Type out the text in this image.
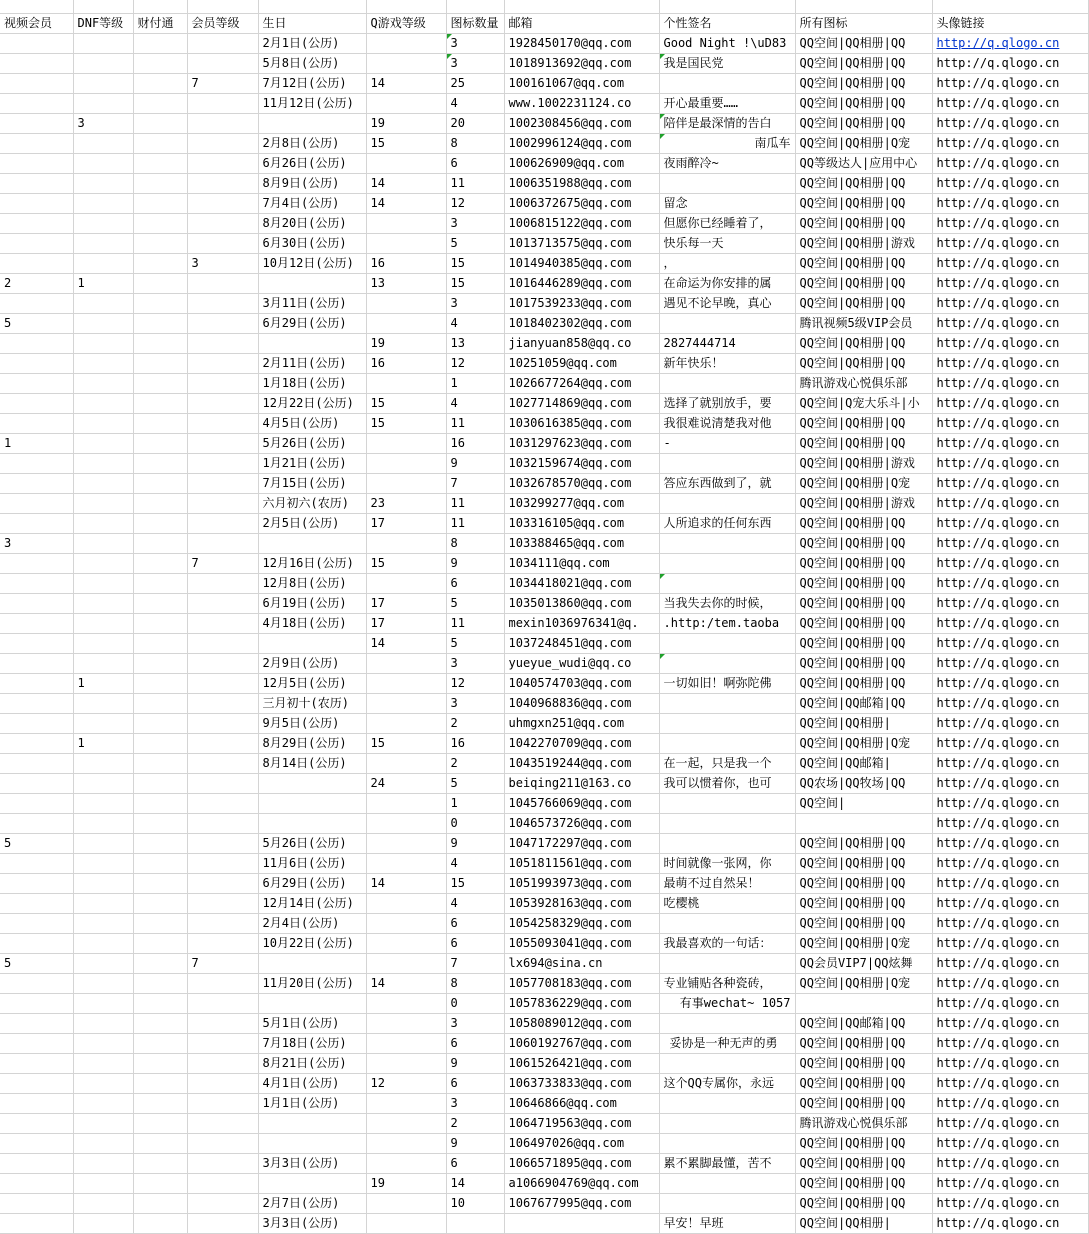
视频会员	DNF等级	财付通	会员等级	生日	Q游戏等级	图标数量	邮箱	个性签名	所有图标	头像链接
				2月1日(公历)		3	1928450170@qq.com	Good Night !\uD83	QQ空间|QQ相册|QQ	http://q.qlogo.cn
				5月8日(公历)		3	1018913692@qq.com	我是国民党	QQ空间|QQ相册|QQ	http://q.qlogo.cn
			7	7月12日(公历)	14	25	100161067@qq.com		QQ空间|QQ相册|QQ	http://q.qlogo.cn
				11月12日(公历)		4	www.1002231124.co	开心最重要……	QQ空间|QQ相册|QQ	http://q.qlogo.cn
	3				19	20	1002308456@qq.com	陪伴是最深情的告白	QQ空间|QQ相册|QQ	http://q.qlogo.cn
				2月8日(公历)	15	8	1002996124@qq.com	南瓜车	QQ空间|QQ相册|Q宠	http://q.qlogo.cn
				6月26日(公历)		6	100626909@qq.com	夜雨醉冷~	QQ等级达人|应用中心	http://q.qlogo.cn
				8月9日(公历)	14	11	1006351988@qq.com		QQ空间|QQ相册|QQ	http://q.qlogo.cn
				7月4日(公历)	14	12	1006372675@qq.com	留念	QQ空间|QQ相册|QQ	http://q.qlogo.cn
				8月20日(公历)		3	1006815122@qq.com	但愿你已经睡着了，	QQ空间|QQ相册|QQ	http://q.qlogo.cn
				6月30日(公历)		5	1013713575@qq.com	快乐每一天	QQ空间|QQ相册|游戏	http://q.qlogo.cn
			3	10月12日(公历)	16	15	1014940385@qq.com	，	QQ空间|QQ相册|QQ	http://q.qlogo.cn
2	1				13	15	1016446289@qq.com	在命运为你安排的属	QQ空间|QQ相册|QQ	http://q.qlogo.cn
				3月11日(公历)		3	1017539233@qq.com	遇见不论早晚，真心	QQ空间|QQ相册|QQ	http://q.qlogo.cn
5				6月29日(公历)		4	1018402302@qq.com		腾讯视频5级VIP会员	http://q.qlogo.cn
					19	13	jianyuan858@qq.co	2827444714	QQ空间|QQ相册|QQ	http://q.qlogo.cn
				2月11日(公历)	16	12	10251059@qq.com	新年快乐！	QQ空间|QQ相册|QQ	http://q.qlogo.cn
				1月18日(公历)		1	1026677264@qq.com		腾讯游戏心悦俱乐部	http://q.qlogo.cn
				12月22日(公历)	15	4	1027714869@qq.com	选择了就别放手，要	QQ空间|Q宠大乐斗|小	http://q.qlogo.cn
				4月5日(公历)	15	11	1030616385@qq.com	我很难说清楚我对他	QQ空间|QQ相册|QQ	http://q.qlogo.cn
1				5月26日(公历)		16	1031297623@qq.com	-	QQ空间|QQ相册|QQ	http://q.qlogo.cn
				1月21日(公历)		9	1032159674@qq.com		QQ空间|QQ相册|游戏	http://q.qlogo.cn
				7月15日(公历)		7	1032678570@qq.com	答应东西做到了，就	QQ空间|QQ相册|Q宠	http://q.qlogo.cn
				六月初六(农历)	23	11	103299277@qq.com		QQ空间|QQ相册|游戏	http://q.qlogo.cn
				2月5日(公历)	17	11	103316105@qq.com	人所追求的任何东西	QQ空间|QQ相册|QQ	http://q.qlogo.cn
3						8	103388465@qq.com		QQ空间|QQ相册|QQ	http://q.qlogo.cn
			7	12月16日(公历)	15	9	1034111@qq.com		QQ空间|QQ相册|QQ	http://q.qlogo.cn
				12月8日(公历)		6	1034418021@qq.com		QQ空间|QQ相册|QQ	http://q.qlogo.cn
				6月19日(公历)	17	5	1035013860@qq.com	当我失去你的时候，	QQ空间|QQ相册|QQ	http://q.qlogo.cn
				4月18日(公历)	17	11	mexin1036976341@q.	.http:/tem.taoba	QQ空间|QQ相册|QQ	http://q.qlogo.cn
					14	5	1037248451@qq.com		QQ空间|QQ相册|QQ	http://q.qlogo.cn
				2月9日(公历)		3	yueyue_wudi@qq.co		QQ空间|QQ相册|QQ	http://q.qlogo.cn
	1			12月5日(公历)		12	1040574703@qq.com	一切如旧！啊弥陀佛	QQ空间|QQ相册|QQ	http://q.qlogo.cn
				三月初十(农历)		3	1040968836@qq.com		QQ空间|QQ邮箱|QQ	http://q.qlogo.cn
				9月5日(公历)		2	uhmgxn251@qq.com		QQ空间|QQ相册|	http://q.qlogo.cn
	1			8月29日(公历)	15	16	1042270709@qq.com		QQ空间|QQ相册|Q宠	http://q.qlogo.cn
				8月14日(公历)		2	1043519244@qq.com	在一起，只是我一个	QQ空间|QQ邮箱|	http://q.qlogo.cn
					24	5	beiqing211@163.co	我可以惯着你，也可	QQ农场|QQ牧场|QQ	http://q.qlogo.cn
						1	1045766069@qq.com		QQ空间|	http://q.qlogo.cn
						0	1046573726@qq.com			http://q.qlogo.cn
5				5月26日(公历)		9	1047172297@qq.com		QQ空间|QQ相册|QQ	http://q.qlogo.cn
				11月6日(公历)		4	1051811561@qq.com	时间就像一张网，你	QQ空间|QQ相册|QQ	http://q.qlogo.cn
				6月29日(公历)	14	15	1051993973@qq.com	最萌不过自然呆！	QQ空间|QQ相册|QQ	http://q.qlogo.cn
				12月14日(公历)		4	1053928163@qq.com	吃樱桃	QQ空间|QQ相册|QQ	http://q.qlogo.cn
				2月4日(公历)		6	1054258329@qq.com		QQ空间|QQ相册|QQ	http://q.qlogo.cn
				10月22日(公历)		6	1055093041@qq.com	我最喜欢的一句话：	QQ空间|QQ相册|Q宠	http://q.qlogo.cn
5			7			7	lx694@sina.cn		QQ会员VIP7|QQ炫舞	http://q.qlogo.cn
				11月20日(公历)	14	8	1057708183@qq.com	专业铺贴各种瓷砖，	QQ空间|QQ相册|Q宠	http://q.qlogo.cn
						0	1057836229@qq.com	有事wechat~ 1057		http://q.qlogo.cn
				5月1日(公历)		3	1058089012@qq.com		QQ空间|QQ邮箱|QQ	http://q.qlogo.cn
				7月18日(公历)		6	1060192767@qq.com	妥协是一种无声的勇	QQ空间|QQ相册|QQ	http://q.qlogo.cn
				8月21日(公历)		9	1061526421@qq.com		QQ空间|QQ相册|QQ	http://q.qlogo.cn
				4月1日(公历)	12	6	1063733833@qq.com	这个QQ专属你，永远	QQ空间|QQ相册|QQ	http://q.qlogo.cn
				1月1日(公历)		3	10646866@qq.com		QQ空间|QQ相册|QQ	http://q.qlogo.cn
						2	1064719563@qq.com		腾讯游戏心悦俱乐部	http://q.qlogo.cn
						9	106497026@qq.com		QQ空间|QQ相册|QQ	http://q.qlogo.cn
				3月3日(公历)		6	1066571895@qq.com	累不累脚最懂，苦不	QQ空间|QQ相册|QQ	http://q.qlogo.cn
					19	14	a1066904769@qq.com		QQ空间|QQ相册|QQ	http://q.qlogo.cn
				2月7日(公历)		10	1067677995@qq.com		QQ空间|QQ相册|QQ	http://q.qlogo.cn
				3月3日(公历)				早安！早班	QQ空间|QQ相册|	http://q.qlogo.cn
